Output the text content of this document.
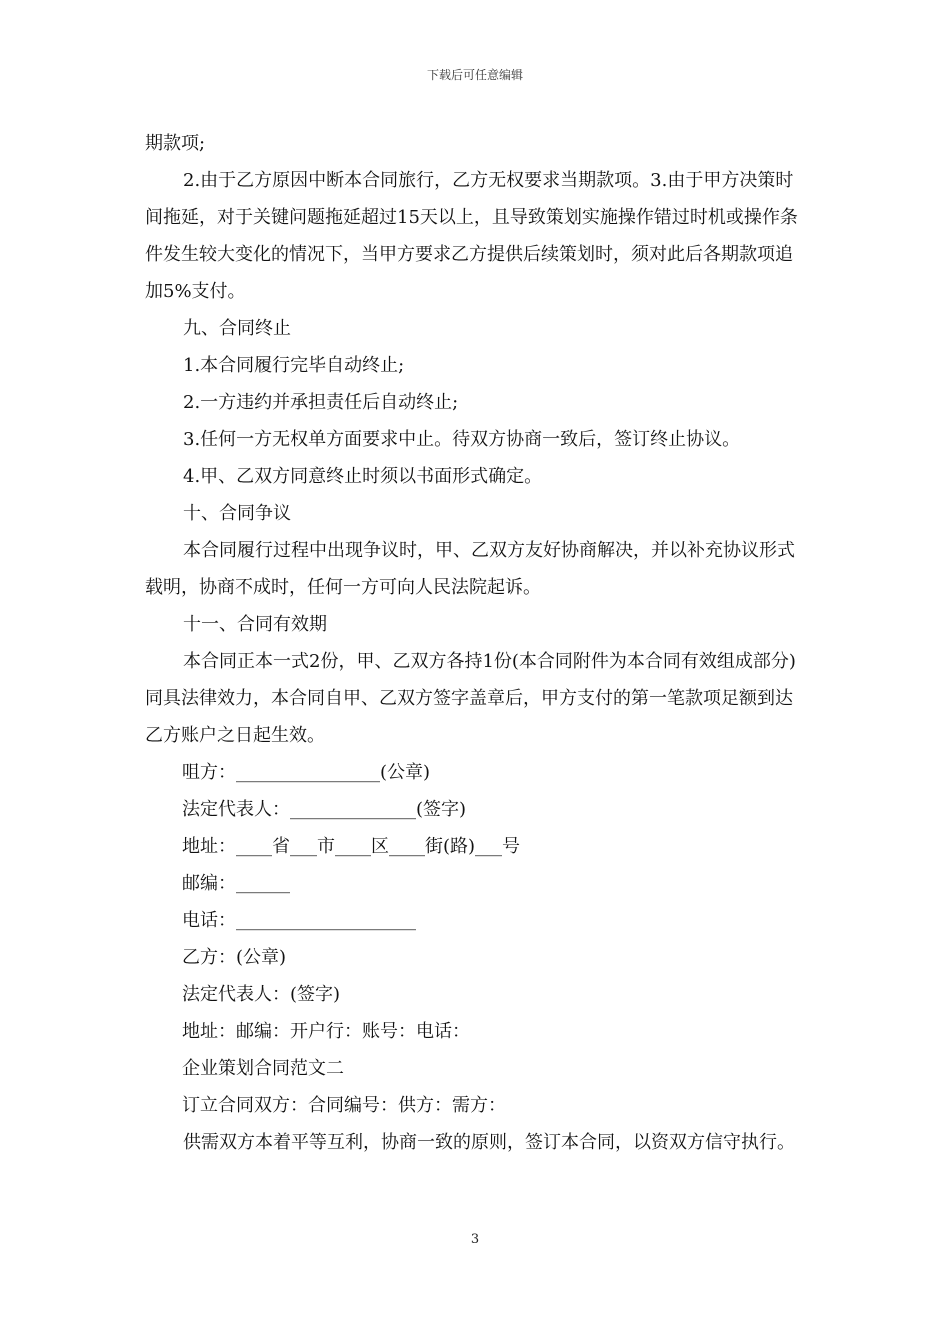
下载后可任意编辑

期款项;

2.由于乙方原因中断本合同旅行，乙方无权要求当期款项。3.由于甲方决策时间拖延，对于关键问题拖延超过15天以上，且导致策划实施操作错过时机或操作条件发生较大变化的情况下，当甲方要求乙方提供后续策划时，须对此后各期款项追加5%支付。

九、合同终止

1.本合同履行完毕自动终止;

2.一方违约并承担责任后自动终止;

3.任何一方无权单方面要求中止。待双方协商一致后，签订终止协议。

4.甲、乙双方同意终止时须以书面形式确定。

十、合同争议

本合同履行过程中出现争议时，甲、乙双方友好协商解决，并以补充协议形式载明，协商不成时，任何一方可向人民法院起诉。

十一、合同有效期

本合同正本一式2份，甲、乙双方各持1份(本合同附件为本合同有效组成部分)同具法律效力，本合同自甲、乙双方签字盖章后，甲方支付的第一笔款项足额到达乙方账户之日起生效。

咀方：________________(公章)

法定代表人：______________(签字)

地址：____省___市____区____街(路)___号

邮编：______

电话：____________________

乙方：(公章)

法定代表人：(签字)

地址：邮编：开户行：账号：电话：

企业策划合同范文二

订立合同双方：合同编号：供方：需方：

供需双方本着平等互利，协商一致的原则，签订本合同，以资双方信守执行。

3
